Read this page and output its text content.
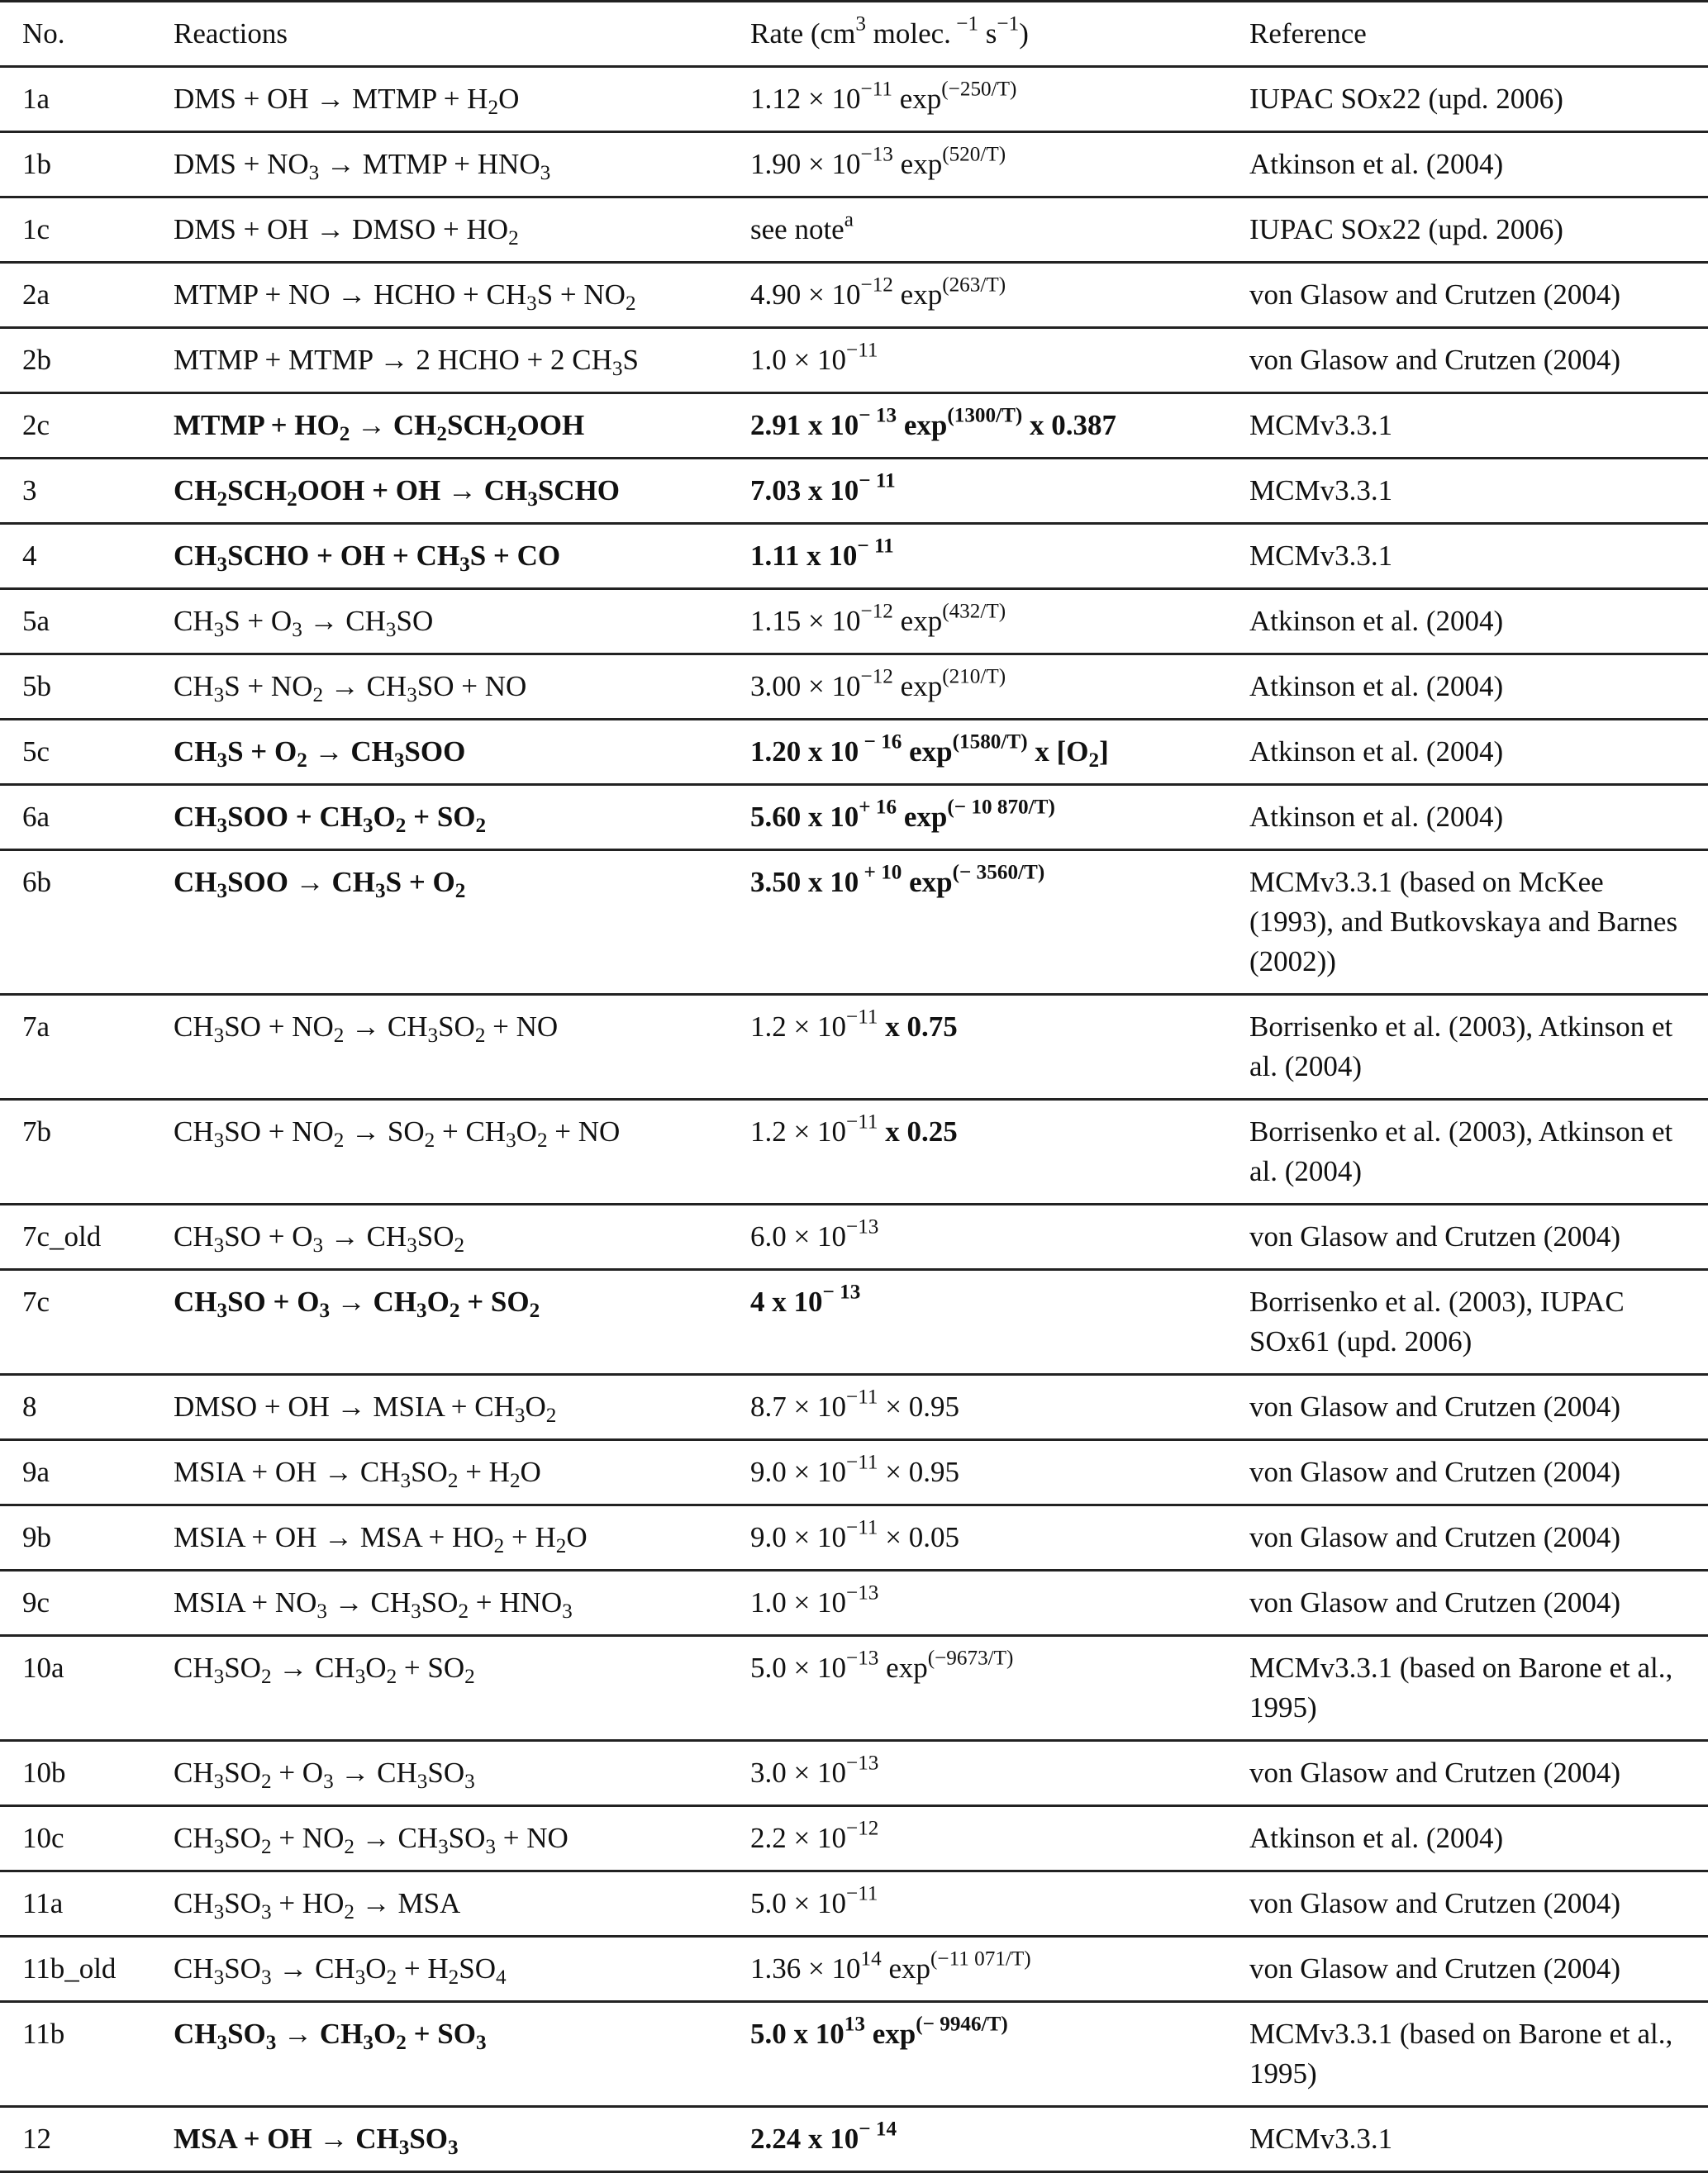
No.	Reactions	Rate ($cm^3$ molec. $^{-1}$ $s^{-1}$)	Reference
1a	DMS + OH → MTMP + $H_2O$	$1.12 \times 10^{-11}$ $\exp^{(-250/T)}$	IUPAC SOx22 (upd. 2006)
1b	DMS + $NO_3$ → MTMP + $HNO_3$	$1.90 \times 10^{-13}$ $\exp^{(520/T)}$	Atkinson et al. (2004)
1c	DMS + OH → DMSO + $HO_2$	see note$^a$	IUPAC SOx22 (upd. 2006)
2a	MTMP + NO → HCHO + $CH_3S + NO_2$	$4.90 \times 10^{-12}$ $\exp^{(263/T)}$	von Glasow and Crutzen (2004)
2b	MTMP + MTMP → 2 HCHO + 2 $CH_3S$	$1.0 \times 10^{-11}$	von Glasow and Crutzen (2004)
2c	MTMP + $HO_2 \to CH_2SCH_2OOH$	2.91 x $10^{- 13}$ $\exp^{(1300/T)} x$ 0.387	MCMv3.3.1
3	$CH_2SCH_2OOH$ + OH → $CH_3SCHO$	7.03 x $10^{- 11}$	MCMv3.3.1
4	$CH_3SCHO$ + OH + $CH_3S$ + CO	1.11 x $10^{- 11}$	MCMv3.3.1
5a	$CH_3S + O_3 \to CH_3SO$	$1.15 \times 10^{-12}$ $\exp^{(432/T)}$	Atkinson et al. (2004)
5b	$CH_3S + NO_2 \to CH_3SO$ + NO	$3.00 \times 10^{-12}$ $\exp^{(210/T)}$	Atkinson et al. (2004)
5c	$CH_3S + O_2 \to CH_3SOO$	1.20 x 10 $^{- 16}$ $\exp^{(1580/T)} x$ $[O_2]$	Atkinson et al. (2004)
6a	$CH_3SOO + CH_3O_2 + SO_2$	5.60 x $10^{+ 16}$ $\exp^{(- 10 870/T)}$	Atkinson et al. (2004)
6b	$CH_3SOO \to CH_3S + O_2$	3.50 x 10 $^{+ 10}$ $\exp^{(- 3560/T)}$	MCMv3.3.1 (based on McKee (1993), and Butkovskaya and Barnes (2002))
7a	$CH_3SO + NO_2 \to CH_3SO_2$ + NO	$1.2 \times 10^{-11}$ x 0.75	Borrisenko et al. (2003), Atkinson et al. (2004)
7b	$CH_3SO + NO_2 \to SO_2 + CH_3O_2$ + NO	$1.2 \times 10^{-11}$ x 0.25	Borrisenko et al. (2003), Atkinson et al. (2004)
7c_old	$CH_3SO + O_3 \to CH_3SO_2$	$6.0 \times 10^{-13}$	von Glasow and Crutzen (2004)
7c	$CH_3SO + O_3 \to CH_3O_2 + SO_2$	4 x $10^{- 13}$	Borrisenko et al. (2003), IUPAC SOx61 (upd. 2006)
8	DMSO + OH → MSIA + $CH_3O_2$	$8.7 \times 10^{-11} \times 0.95$	von Glasow and Crutzen (2004)
9a	MSIA + OH → $CH_3SO_2 + H_2O$	$9.0 \times 10^{-11} \times 0.95$	von Glasow and Crutzen (2004)
9b	MSIA + OH → MSA + $HO_2 + H_2O$	$9.0 \times 10^{-11} \times 0.05$	von Glasow and Crutzen (2004)
9c	MSIA + $NO_3 \to CH_3SO_2 + HNO_3$	$1.0 \times 10^{-13}$	von Glasow and Crutzen (2004)
10a	$CH_3SO_2 \to CH_3O_2 + SO_2$	$5.0 \times 10^{-13}$ $\exp^{(-9673/T)}$	MCMv3.3.1 (based on Barone et al., 1995)
10b	$CH_3SO_2 + O_3 \to CH_3SO_3$	$3.0 \times 10^{-13}$	von Glasow and Crutzen (2004)
10c	$CH_3SO_2 + NO_2 \to CH_3SO_3$ + NO	$2.2 \times 10^{-12}$	Atkinson et al. (2004)
11a	$CH_3SO_3 + HO_2$ → MSA	$5.0 \times 10^{-11}$	von Glasow and Crutzen (2004)
11b_old	$CH_3SO_3 \to CH_3O_2 + H_2SO_4$	$1.36 \times 10^{14}$ $\exp^{(-11 071/T)}$	von Glasow and Crutzen (2004)
11b	$CH_3SO_3 \to CH_3O_2 + SO_3$	5.0 x $10^{13}$ $\exp^{(- 9946/T)}$	MCMv3.3.1 (based on Barone et al., 1995)
12	MSA + OH → $CH_3SO_3$	2.24 x $10^{- 14}$	MCMv3.3.1
